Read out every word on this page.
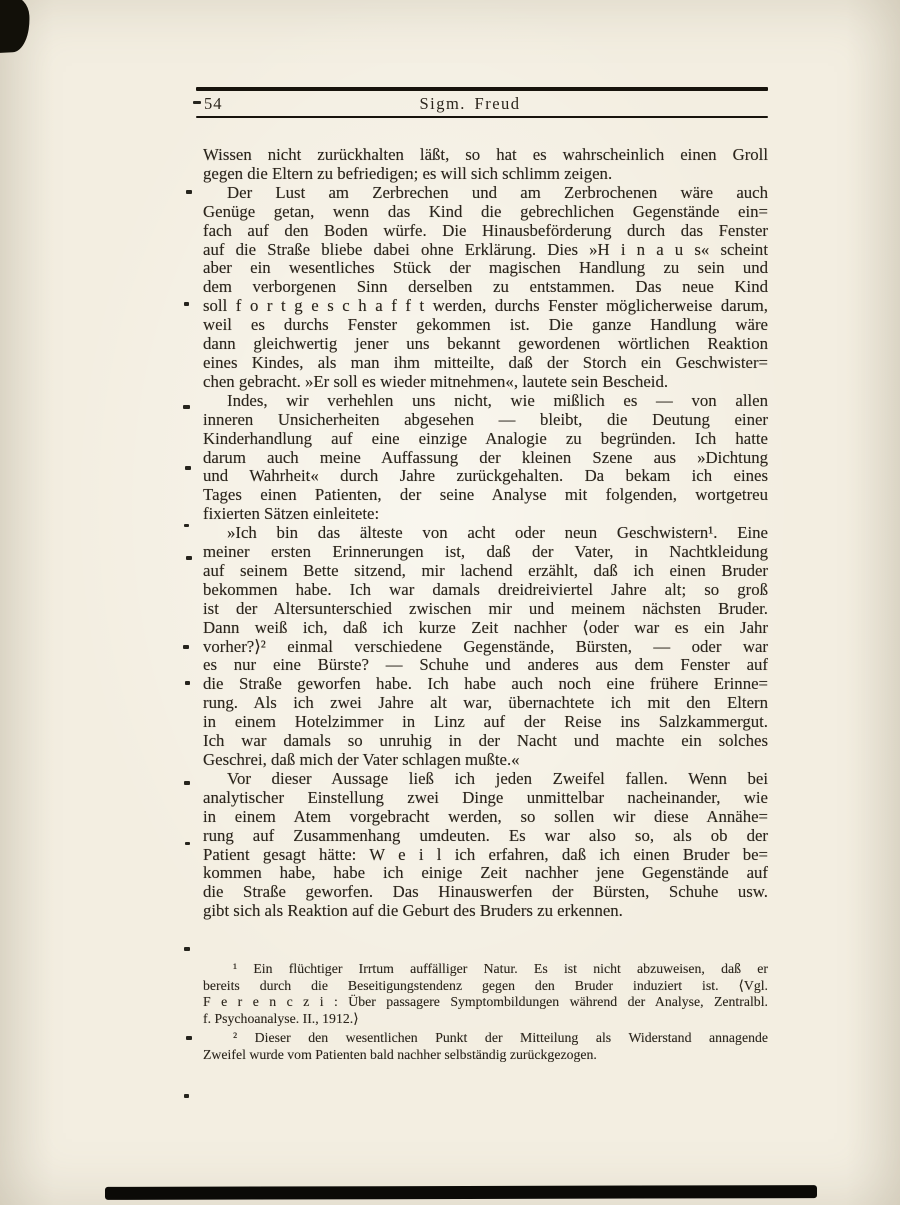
54	Sigm. Freud
Wissen nicht zurückhalten läßt, so hat es wahrscheinlich einen Groll
gegen die Eltern zu befriedigen; es will sich schlimm zeigen.
Der Lust am Zerbrechen und am Zerbrochenen wäre auch
Genüge getan, wenn das Kind die gebrechlichen Gegenstände ein=
fach auf den Boden würfe. Die Hinausbeförderung durch das Fenster
auf die Straße bliebe dabei ohne Erklärung. Dies »H i n a u s« scheint
aber ein wesentliches Stück der magischen Handlung zu sein und
dem verborgenen Sinn derselben zu entstammen. Das neue Kind
soll f o r t g e s c h a f f t werden, durchs Fenster möglicherweise darum,
weil es durchs Fenster gekommen ist. Die ganze Handlung wäre
dann gleichwertig jener uns bekannt gewordenen wörtlichen Reaktion
eines Kindes, als man ihm mitteilte, daß der Storch ein Geschwister=
chen gebracht. »Er soll es wieder mitnehmen«, lautete sein Bescheid.
Indes, wir verhehlen uns nicht, wie mißlich es — von allen
inneren Unsicherheiten abgesehen — bleibt, die Deutung einer
Kinderhandlung auf eine einzige Analogie zu begründen. Ich hatte
darum auch meine Auffassung der kleinen Szene aus »Dichtung
und Wahrheit« durch Jahre zurückgehalten. Da bekam ich eines
Tages einen Patienten, der seine Analyse mit folgenden, wortgetreu
fixierten Sätzen einleitete:
»Ich bin das älteste von acht oder neun Geschwistern¹. Eine
meiner ersten Erinnerungen ist, daß der Vater, in Nachtkleidung
auf seinem Bette sitzend, mir lachend erzählt, daß ich einen Bruder
bekommen habe. Ich war damals dreidreiviertel Jahre alt; so groß
ist der Altersunterschied zwischen mir und meinem nächsten Bruder.
Dann weiß ich, daß ich kurze Zeit nachher ⟨oder war es ein Jahr
vorher?⟩² einmal verschiedene Gegenstände, Bürsten, — oder war
es nur eine Bürste? — Schuhe und anderes aus dem Fenster auf
die Straße geworfen habe. Ich habe auch noch eine frühere Erinne=
rung. Als ich zwei Jahre alt war, übernachtete ich mit den Eltern
in einem Hotelzimmer in Linz auf der Reise ins Salzkammergut.
Ich war damals so unruhig in der Nacht und machte ein solches
Geschrei, daß mich der Vater schlagen mußte.«
Vor dieser Aussage ließ ich jeden Zweifel fallen. Wenn bei
analytischer Einstellung zwei Dinge unmittelbar nacheinander, wie
in einem Atem vorgebracht werden, so sollen wir diese Annähe=
rung auf Zusammenhang umdeuten. Es war also so, als ob der
Patient gesagt hätte: W e i l ich erfahren, daß ich einen Bruder be=
kommen habe, habe ich einige Zeit nachher jene Gegenstände auf
die Straße geworfen. Das Hinauswerfen der Bürsten, Schuhe usw.
gibt sich als Reaktion auf die Geburt des Bruders zu erkennen.
¹ Ein flüchtiger Irrtum auffälliger Natur. Es ist nicht abzuweisen, daß er
bereits durch die Beseitigungstendenz gegen den Bruder induziert ist. ⟨Vgl.
F e r e n c z i : Über passagere Symptombildungen während der Analyse, Zentralbl.
f. Psychoanalyse. II., 1912.⟩
² Dieser den wesentlichen Punkt der Mitteilung als Widerstand annagende
Zweifel wurde vom Patienten bald nachher selbständig zurückgezogen.
